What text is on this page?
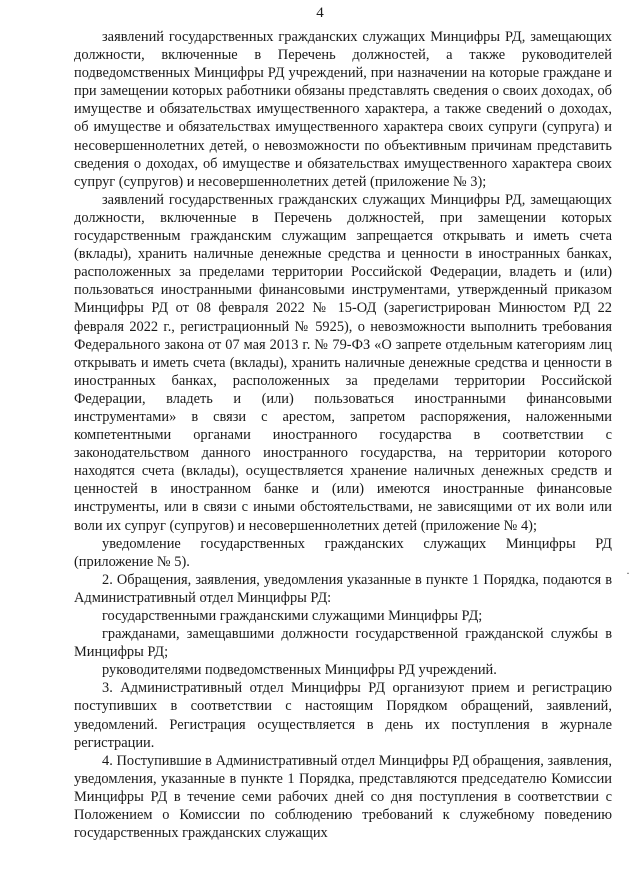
4

заявлений государственных гражданских служащих Минцифры РД, замещающих должности, включенные в Перечень должностей, а также руководителей подведомственных Минцифры РД учреждений, при назначении на которые граждане и при замещении которых работники обязаны представлять сведения о своих доходах, об имуществе и обязательствах имущественного характера, а также сведений о доходах, об имуществе и обязательствах имущественного характера своих супруги (супруга) и несовершеннолетних детей, о невозможности по объективным причинам представить сведения о доходах, об имуществе и обязательствах имущественного характера своих супруг (супругов) и несовершеннолетних детей (приложение № 3);

заявлений государственных гражданских служащих Минцифры РД, замещающих должности, включенные в Перечень должностей, при замещении которых государственным гражданским служащим запрещается открывать и иметь счета (вклады), хранить наличные денежные средства и ценности в иностранных банках, расположенных за пределами территории Российской Федерации, владеть и (или) пользоваться иностранными финансовыми инструментами, утвержденный приказом Минцифры РД от 08 февраля 2022 № 15-ОД (зарегистрирован Минюстом РД 22 февраля 2022 г., регистрационный № 5925), о невозможности выполнить требования Федерального закона от 07 мая 2013 г. № 79-ФЗ «О запрете отдельным категориям лиц открывать и иметь счета (вклады), хранить наличные денежные средства и ценности в иностранных банках, расположенных за пределами территории Российской Федерации, владеть и (или) пользоваться иностранными финансовыми инструментами» в связи с арестом, запретом распоряжения, наложенными компетентными органами иностранного государства в соответствии с законодательством данного иностранного государства, на территории которого находятся счета (вклады), осуществляется хранение наличных денежных средств и ценностей в иностранном банке и (или) имеются иностранные финансовые инструменты, или в связи с иными обстоятельствами, не зависящими от их воли или воли их супруг (супругов) и несовершеннолетних детей (приложение № 4);

уведомление государственных гражданских служащих Минцифры РД (приложение № 5).

2. Обращения, заявления, уведомления указанные в пункте 1 Порядка, подаются в Административный отдел Минцифры РД:

государственными гражданскими служащими Минцифры РД;

гражданами, замещавшими должности государственной гражданской службы в Минцифры РД;

руководителями подведомственных Минцифры РД учреждений.

3. Административный отдел Минцифры РД организуют прием и регистрацию поступивших в соответствии с настоящим Порядком обращений, заявлений, уведомлений. Регистрация осуществляется в день их поступления в журнале регистрации.

4. Поступившие в Административный отдел Минцифры РД обращения, заявления, уведомления, указанные в пункте 1 Порядка, представляются председателю Комиссии Минцифры РД в течение семи рабочих дней со дня поступления в соответствии с Положением о Комиссии по соблюдению требований к служебному поведению государственных гражданских служащих

·
